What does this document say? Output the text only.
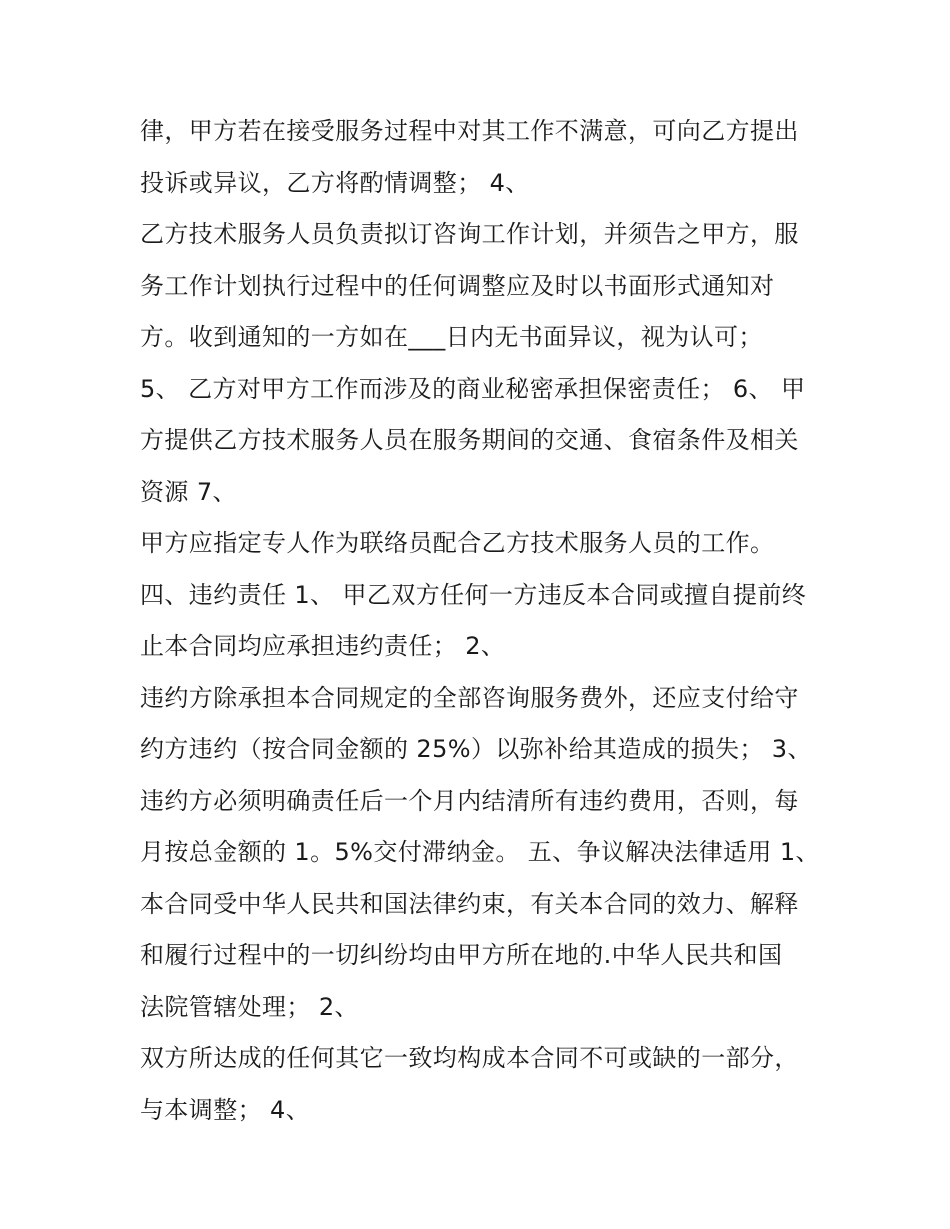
律，甲方若在接受服务过程中对其工作不满意，可向乙方提出
投诉或异议，乙方将酌情调整； 4、
乙方技术服务人员负责拟订咨询工作计划，并须告之甲方，服
务工作计划执行过程中的任何调整应及时以书面形式通知对
方。收到通知的一方如在___日内无书面异议，视为认可；
5、 乙方对甲方工作而涉及的商业秘密承担保密责任； 6、 甲
方提供乙方技术服务人员在服务期间的交通、食宿条件及相关
资源 7、
甲方应指定专人作为联络员配合乙方技术服务人员的工作。
四、违约责任 1、 甲乙双方任何一方违反本合同或擅自提前终
止本合同均应承担违约责任； 2、
违约方除承担本合同规定的全部咨询服务费外，还应支付给守
约方违约（按合同金额的 25%）以弥补给其造成的损失； 3、
违约方必须明确责任后一个月内结清所有违约费用，否则，每
月按总金额的 1。5%交付滞纳金。 五、争议解决法律适用 1、
本合同受中华人民共和国法律约束，有关本合同的效力、解释
和履行过程中的一切纠纷均由甲方所在地的.中华人民共和国
法院管辖处理； 2、
双方所达成的任何其它一致均构成本合同不可或缺的一部分，
与本调整； 4、
